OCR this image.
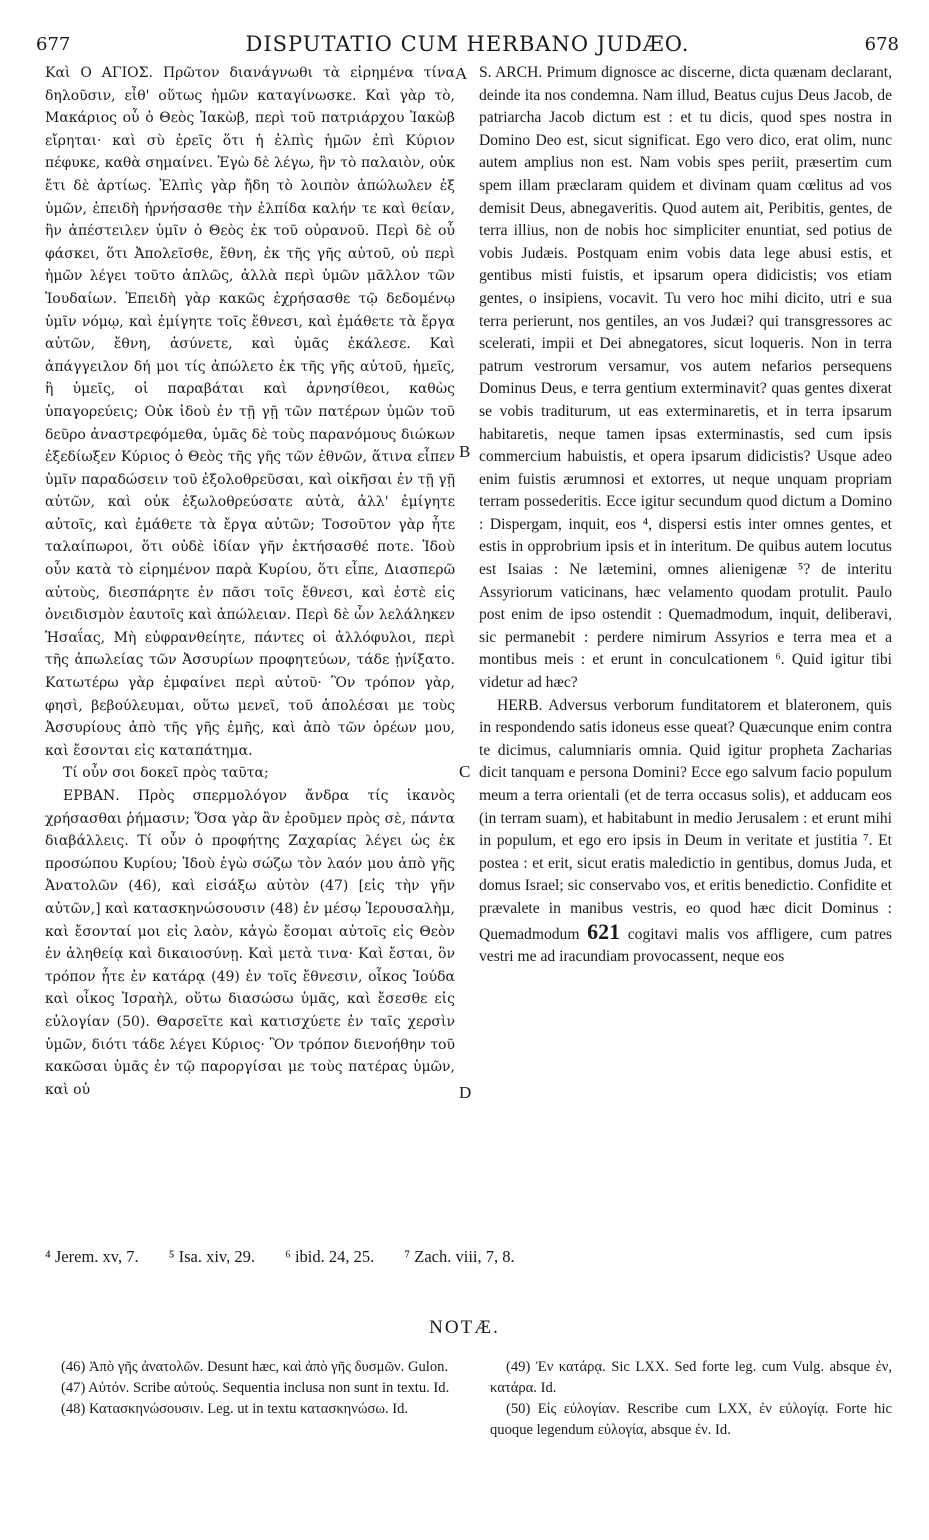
677	DISPUTATIO CUM HERBANO JUDÆO.	678

Καὶ Ο ΑΓΙΟΣ. Πρῶτον διανάγνωθι τὰ εἰρημένα τίνα δηλοῦσιν, εἶθ' οὕτως ἡμῶν καταγίνωσκε. Καὶ γὰρ τὸ, Μακάριος οὗ ὁ Θεὸς Ἰακὼβ, περὶ τοῦ πατριάρχου Ἰακὼβ εἴρηται· καὶ σὺ ἐρεῖς ὅτι ἡ ἐλπὶς ἡμῶν ἐπὶ Κύριον πέφυκε, καθὰ σημαίνει. Ἐγὼ δὲ λέγω, ἣν τὸ παλαιὸν, οὐκ ἔτι δὲ ἀρτίως. Ἐλπὶς γὰρ ἤδη τὸ λοιπὸν ἀπώλωλεν ἐξ ὑμῶν, ἐπειδὴ ἠρνήσασθε τὴν ἐλπίδα καλήν τε καὶ θείαν, ἣν ἀπέστειλεν ὑμῖν ὁ Θεὸς ἐκ τοῦ οὐρανοῦ. Περὶ δὲ οὗ φάσκει, ὅτι Ἀπολεῖσθε, ἔθνη, ἐκ τῆς γῆς αὐτοῦ, οὐ περὶ ἡμῶν λέγει τοῦτο ἁπλῶς, ἀλλὰ περὶ ὑμῶν μᾶλλον τῶν Ἰουδαίων. Ἐπειδὴ γὰρ κακῶς ἐχρήσασθε τῷ δεδομένῳ ὑμῖν νόμῳ, καὶ ἐμίγητε τοῖς ἔθνεσι, καὶ ἐμάθετε τὰ ἔργα αὐτῶν, ἔθνη, ἀσύνετε, καὶ ὑμᾶς ἐκάλεσε. Καὶ ἀπάγγειλον δή μοι τίς ἀπώλετο ἐκ τῆς γῆς αὐτοῦ, ἡμεῖς, ἢ ὑμεῖς, οἱ παραβάται καὶ ἀρνησίθεοι, καθὼς ὑπαγορεύεις; Οὐκ ἰδοὺ ἐν τῇ γῇ τῶν πατέρων ὑμῶν τοῦ δεῦρο ἀναστρεφόμεθα, ὑμᾶς δὲ τοὺς παρανόμους διώκων ἐξεδίωξεν Κύριος ὁ Θεὸς τῆς γῆς τῶν ἐθνῶν, ἅτινα εἶπεν ὑμῖν παραδώσειν τοῦ ἐξολοθρεῦσαι, καὶ οἰκῆσαι ἐν τῇ γῇ αὐτῶν, καὶ οὐκ ἐξωλοθρεύσατε αὐτὰ, ἀλλ' ἐμίγητε αὐτοῖς, καὶ ἐμάθετε τὰ ἔργα αὐτῶν; Τοσοῦτον γὰρ ἦτε ταλαίπωροι, ὅτι οὐδὲ ἰδίαν γῆν ἐκτήσασθέ ποτε. Ἰδοὺ οὖν κατὰ τὸ εἰρημένον παρὰ Κυρίου, ὅτι εἶπε, Διασπερῶ αὐτοὺς, διεσπάρητε ἐν πᾶσι τοῖς ἔθνεσι, καὶ ἐστὲ εἰς ὀνειδισμὸν ἑαυτοῖς καὶ ἀπώλειαν. Περὶ δὲ ὧν λελάληκεν Ἡσαΐας, Μὴ εὐφρανθείητε, πάντες οἱ ἀλλόφυλοι, περὶ τῆς ἀπωλείας τῶν Ἀσσυρίων προφητεύων, τάδε ᾐνίξατο. Κατωτέρω γὰρ ἐμφαίνει περὶ αὐτοῦ· Ὃν τρόπον γὰρ, φησὶ, βεβούλευμαι, οὕτω μενεῖ, τοῦ ἀπολέσαι με τοὺς Ἀσσυρίους ἀπὸ τῆς γῆς ἐμῆς, καὶ ἀπὸ τῶν ὀρέων μου, καὶ ἔσονται εἰς καταπάτημα.

Τί οὖν σοι δοκεῖ πρὸς ταῦτα;

ΕΡΒΑΝ. Πρὸς σπερμολόγον ἄνδρα τίς ἱκανὸς χρήσασθαι ῥήμασιν; Ὅσα γὰρ ἂν ἐροῦμεν πρὸς σὲ, πάντα διαβάλλεις. Τί οὖν ὁ προφήτης Ζαχαρίας λέγει ὡς ἐκ προσώπου Κυρίου; Ἰδοὺ ἐγὼ σώζω τὸν λαόν μου ἀπὸ γῆς Ἀνατολῶν (46), καὶ εἰσάξω αὐτὸν (47) [εἰς τὴν γῆν αὐτῶν,] καὶ κατασκηνώσουσιν (48) ἐν μέσῳ Ἱερουσαλὴμ, καὶ ἔσονταί μοι εἰς λαὸν, κἀγὼ ἔσομαι αὐτοῖς εἰς Θεὸν ἐν ἀληθείᾳ καὶ δικαιοσύνῃ. Καὶ μετὰ τινα· Καὶ ἔσται, ὃν τρόπον ἦτε ἐν κατάρᾳ (49) ἐν τοῖς ἔθνεσιν, οἶκος Ἰούδα καὶ οἶκος Ἰσραὴλ, οὕτω διασώσω ὑμᾶς, καὶ ἔσεσθε εἰς εὐλογίαν (50). Θαρσεῖτε καὶ κατισχύετε ἐν ταῖς χερσὶν ὑμῶν, διότι τάδε λέγει Κύριος· Ὃν τρόπον διενοήθην τοῦ κακῶσαι ὑμᾶς ἐν τῷ παροργίσαι με τοὺς πατέρας ὑμῶν, καὶ οὐ

A
B
C
D

S. ARCH. Primum dignosce ac discerne, dicta quænam declarant, deinde ita nos condemna. Nam illud, Beatus cujus Deus Jacob, de patriarcha Jacob dictum est : et tu dicis, quod spes nostra in Domino Deo est, sicut significat. Ego vero dico, erat olim, nunc autem amplius non est. Nam vobis spes periit, præsertim cum spem illam præclaram quidem et divinam quam cœlitus ad vos demisit Deus, abnegaveritis. Quod autem ait, Peribitis, gentes, de terra illius, non de nobis hoc simpliciter enuntiat, sed potius de vobis Judæis. Postquam enim vobis data lege abusi estis, et gentibus misti fuistis, et ipsarum opera didicistis; vos etiam gentes, o insipiens, vocavit. Tu vero hoc mihi dicito, utri e sua terra perierunt, nos gentiles, an vos Judæi? qui transgressores ac scelerati, impii et Dei abnegatores, sicut loqueris. Non in terra patrum vestrorum versamur, vos autem nefarios persequens Dominus Deus, e terra gentium exterminavit? quas gentes dixerat se vobis traditurum, ut eas exterminaretis, et in terra ipsarum habitaretis, neque tamen ipsas exterminastis, sed cum ipsis commercium habuistis, et opera ipsarum didicistis? Usque adeo enim fuistis ærumnosi et extorres, ut neque unquam propriam terram possederitis. Ecce igitur secundum quod dictum a Domino : Dispergam, inquit, eos ⁴, dispersi estis inter omnes gentes, et estis in opprobrium ipsis et in interitum. De quibus autem locutus est Isaias : Ne lætemini, omnes alienigenæ ⁵? de interitu Assyriorum vaticinans, hæc velamento quodam protulit. Paulo post enim de ipso ostendit : Quemadmodum, inquit, deliberavi, sic permanebit : perdere nimirum Assyrios e terra mea et a montibus meis : et erunt in conculcationem ⁶. Quid igitur tibi videtur ad hæc?

HERB. Adversus verborum funditatorem et blateronem, quis in respondendo satis idoneus esse queat? Quæcunque enim contra te dicimus, calumniaris omnia. Quid igitur propheta Zacharias dicit tanquam e persona Domini? Ecce ego salvum facio populum meum a terra orientali (et de terra occasus solis), et adducam eos (in terram suam), et habitabunt in medio Jerusalem : et erunt mihi in populum, et ego ero ipsis in Deum in veritate et justitia ⁷. Et postea : et erit, sicut eratis maledictio in gentibus, domus Juda, et domus Israel; sic conservabo vos, et eritis benedictio. Confidite et prævalete in manibus vestris, eo quod hæc dicit Dominus : Quemadmodum 621 cogitavi malis vos affligere, cum patres vestri me ad iracundiam provocassent, neque eos

⁴ Jerem. xv, 7. ⁵ Isa. xiv, 29. ⁶ ibid. 24, 25. ⁷ Zach. viii, 7, 8.
NOTÆ.

(46) Ἀπὸ γῆς ἀνατολῶν. Desunt hæc, καὶ ἀπὸ γῆς δυσμῶν. Gulon.

(47) Αὐτόν. Scribe αὐτούς. Sequentia inclusa non sunt in textu. Id.

(48) Κατασκηνώσουσιν. Leg. ut in textu κατασκηνώσω. Id.

(49) Ἐν κατάρᾳ. Sic LXX. Sed forte leg. cum Vulg. absque ἐν, κατάρα. Id.

(50) Εἰς εὐλογίαν. Rescribe cum LXX, ἐν εὐλογίᾳ. Forte hic quoque legendum εὐλογία, absque ἐν. Id.
